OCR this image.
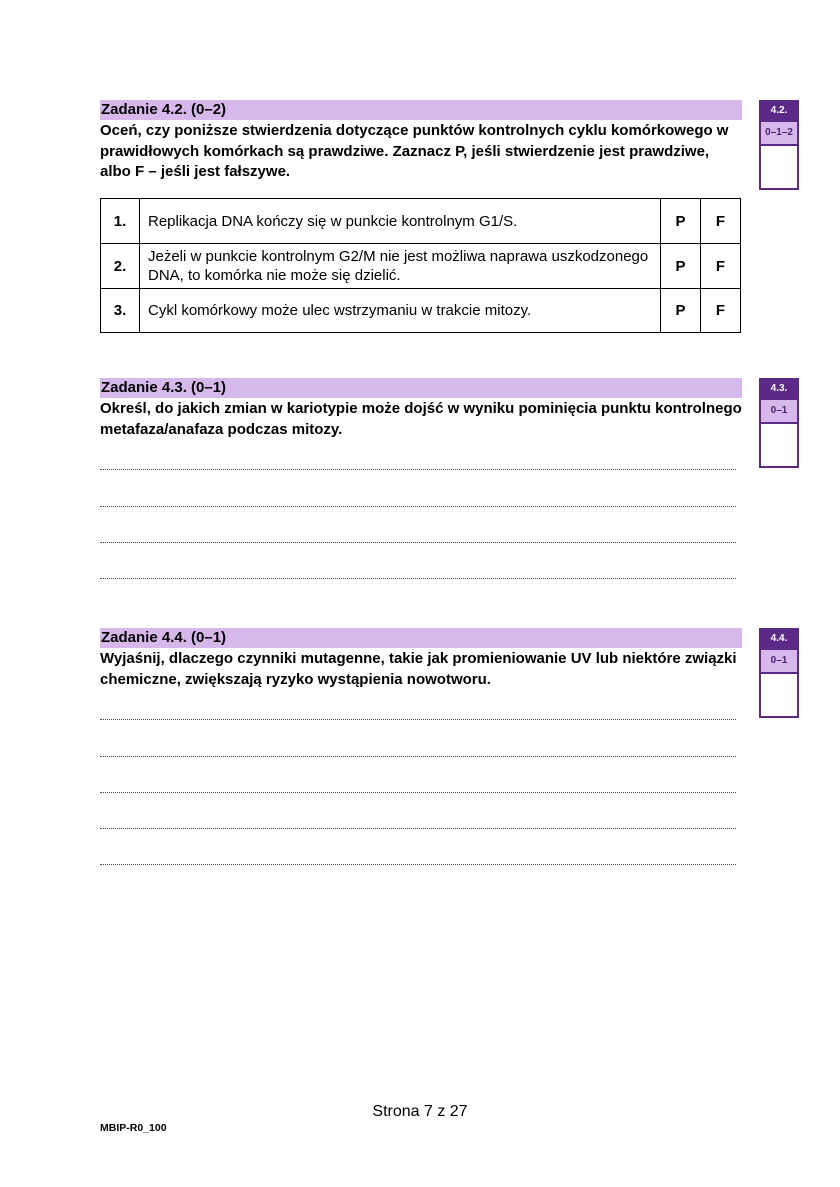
Zadanie 4.2. (0–2)
Oceń, czy poniższe stwierdzenia dotyczące punktów kontrolnych cyklu komórkowego w prawidłowych komórkach są prawdziwe. Zaznacz P, jeśli stwierdzenie jest prawdziwe, albo F – jeśli jest fałszywe.
4.2.
0–1–2
1.	Replikacja DNA kończy się w punkcie kontrolnym G1/S.	P	F
2.	Jeżeli w punkcie kontrolnym G2/M nie jest możliwa naprawa uszkodzonego DNA, to komórka nie może się dzielić.	P	F
3.	Cykl komórkowy może ulec wstrzymaniu w trakcie mitozy.	P	F
Zadanie 4.3. (0–1)
Określ, do jakich zmian w kariotypie może dojść w wyniku pominięcia punktu kontrolnego metafaza/anafaza podczas mitozy.
4.3.
0–1
Zadanie 4.4. (0–1)
Wyjaśnij, dlaczego czynniki mutagenne, takie jak promieniowanie UV lub niektóre związki chemiczne, zwiększają ryzyko wystąpienia nowotworu.
4.4.
0–1
Strona 7 z 27
MBIP-R0_100
